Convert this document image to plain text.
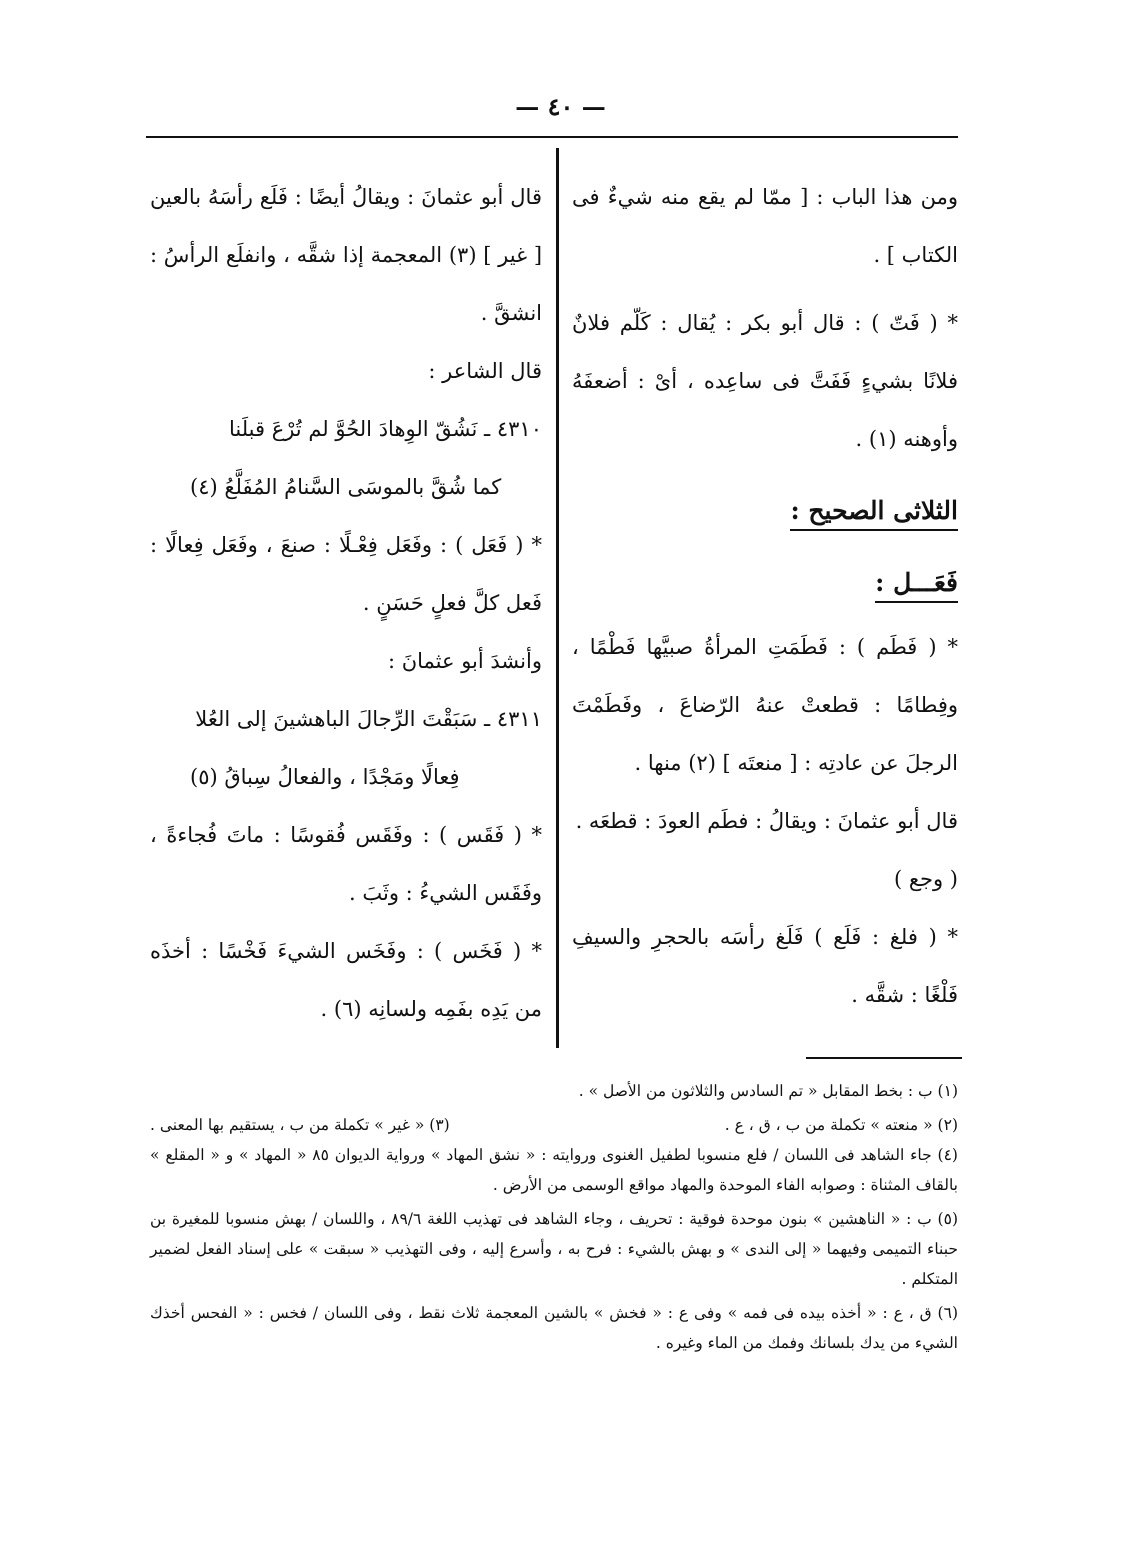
— ٤٠ —

ومن هذا الباب : [ ممّا لم يقع منه شيءٌ فى الكتاب ] .

* ( فَتّ ) : قال أبو بكر : يُقال : كَلّم فلانٌ فلانًا بشيءٍ فَفَتَّ فى ساعِده ، أىْ : أضعفَهُ وأوهنه (١) .

الثلاثى الصحيح :
فَعَـــل :

* ( فَطَم ) : فَطَمَتِ المرأةُ صبيَّها فَطْمًا ، وفِطامًا : قطعتْ عنهُ الرّضاعَ ، وفَطَمْتَ الرجلَ عن عادتِه : [ منعتَه ] (٢) منها .

قال أبو عثمانَ : ويقالُ : فطَم العودَ : قطعَه .

( وجع )

* ( فلغ : فَلَع ) فَلَغ رأسَه بالحجرِ والسيفِ فَلْغًا : شقَّه .

قال أبو عثمانَ : ويقالُ أيضًا : فَلَع رأسَهُ بالعين [ غير ] (٣) المعجمة إذا شقَّه ، وانفلَع الرأسُ : انشقَّ .

قال الشاعر :

٤٣١٠ ـ نَشُقّ الوِهادَ الحُوَّ لم تُرْعَ قبلَنا

كما شُقَّ بالموسَى السَّنامُ المُفَلَّعُ (٤)

* ( فَعَل ) : وفَعَل فِعْـلًا : صنعَ ، وفَعَل فِعالًا : فَعل كلَّ فعلٍ حَسَنٍ .

وأنشدَ أبو عثمانَ :

٤٣١١ ـ سَبَقْتَ الرِّجالَ الباهشينَ إلى العُلا

فِعالًا ومَجْدًا ، والفعالُ سِباقُ (٥)

* ( فَقَس ) : وفَقَس فُقوسًا : ماتَ فُجاءةً ، وفَقَس الشيءُ : وثَبَ .

* ( فَخَس ) : وفَخَس الشيءَ فَخْسًا : أخذَه من يَدِه بفَمِه ولسانِه (٦) .

(١) ب : بخط المقابل « تم السادس والثلاثون من الأصل » .

(٢) « منعته » تكملة من ب ، ق ، ع .
(٣) « غير » تكملة من ب ، يستقيم بها المعنى .

(٤) جاء الشاهد فى اللسان / فلع منسوبا لطفيل الغنوى وروايته : « نشق المهاد » ورواية الديوان ٨٥ « المهاد » و « المقلع » بالقاف المثناة : وصوابه الفاء الموحدة والمهاد مواقع الوسمى من الأرض .

(٥) ب : « الناهشين » بنون موحدة فوقية : تحريف ، وجاء الشاهد فى تهذيب اللغة ٨٩/٦ ، واللسان / بهش منسوبا للمغيرة بن حبناء التميمى وفيهما « إلى الندى » و بهش بالشيء : فرح به ، وأسرع إليه ، وفى التهذيب « سبقت » على إسناد الفعل لضمير المتكلم .

(٦) ق ، ع : « أخذه بيده فى فمه » وفى ع : « فخش » بالشين المعجمة ثلاث نقط ، وفى اللسان / فخس : « الفحس أخذك الشيء من يدك بلسانك وفمك من الماء وغيره .
